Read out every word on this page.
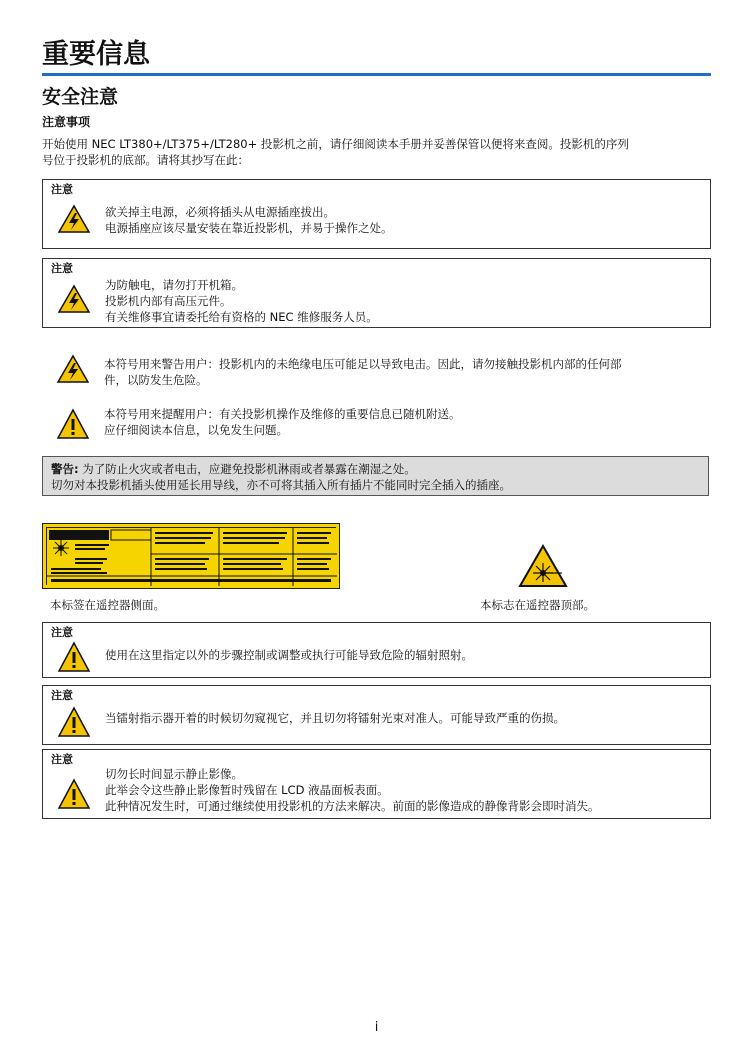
重要信息
安全注意
注意事项
开始使用 NEC LT380+/LT375+/LT280+ 投影机之前，请仔细阅读本手册并妥善保管以便将来查阅。投影机的序列
号位于投影机的底部。请将其抄写在此：
注意
欲关掉主电源，必须将插头从电源插座拔出。
电源插座应该尽量安装在靠近投影机，并易于操作之处。
注意
为防触电，请勿打开机箱。
投影机内部有高压元件。
有关维修事宜请委托给有资格的 NEC 维修服务人员。
本符号用来警告用户：投影机内的未绝缘电压可能足以导致电击。因此，请勿接触投影机内部的任何部
件，以防发生危险。
本符号用来提醒用户：有关投影机操作及维修的重要信息已随机附送。
应仔细阅读本信息，以免发生问题。
警告: 为了防止火灾或者电击，应避免投影机淋雨或者暴露在潮湿之处。
切勿对本投影机插头使用延长用导线，亦不可将其插入所有插片不能同时完全插入的插座。
本标签在遥控器侧面。	本标志在遥控器顶部。
注意
使用在这里指定以外的步骤控制或调整或执行可能导致危险的辐射照射。
注意
当镭射指示器开着的时候切勿窥视它，并且切勿将镭射光束对准人。可能导致严重的伤损。
注意
切勿长时间显示静止影像。
此举会令这些静止影像暂时残留在 LCD 液晶面板表面。
此种情况发生时，可通过继续使用投影机的方法来解决。前面的影像造成的静像背影会即时消失。
i
